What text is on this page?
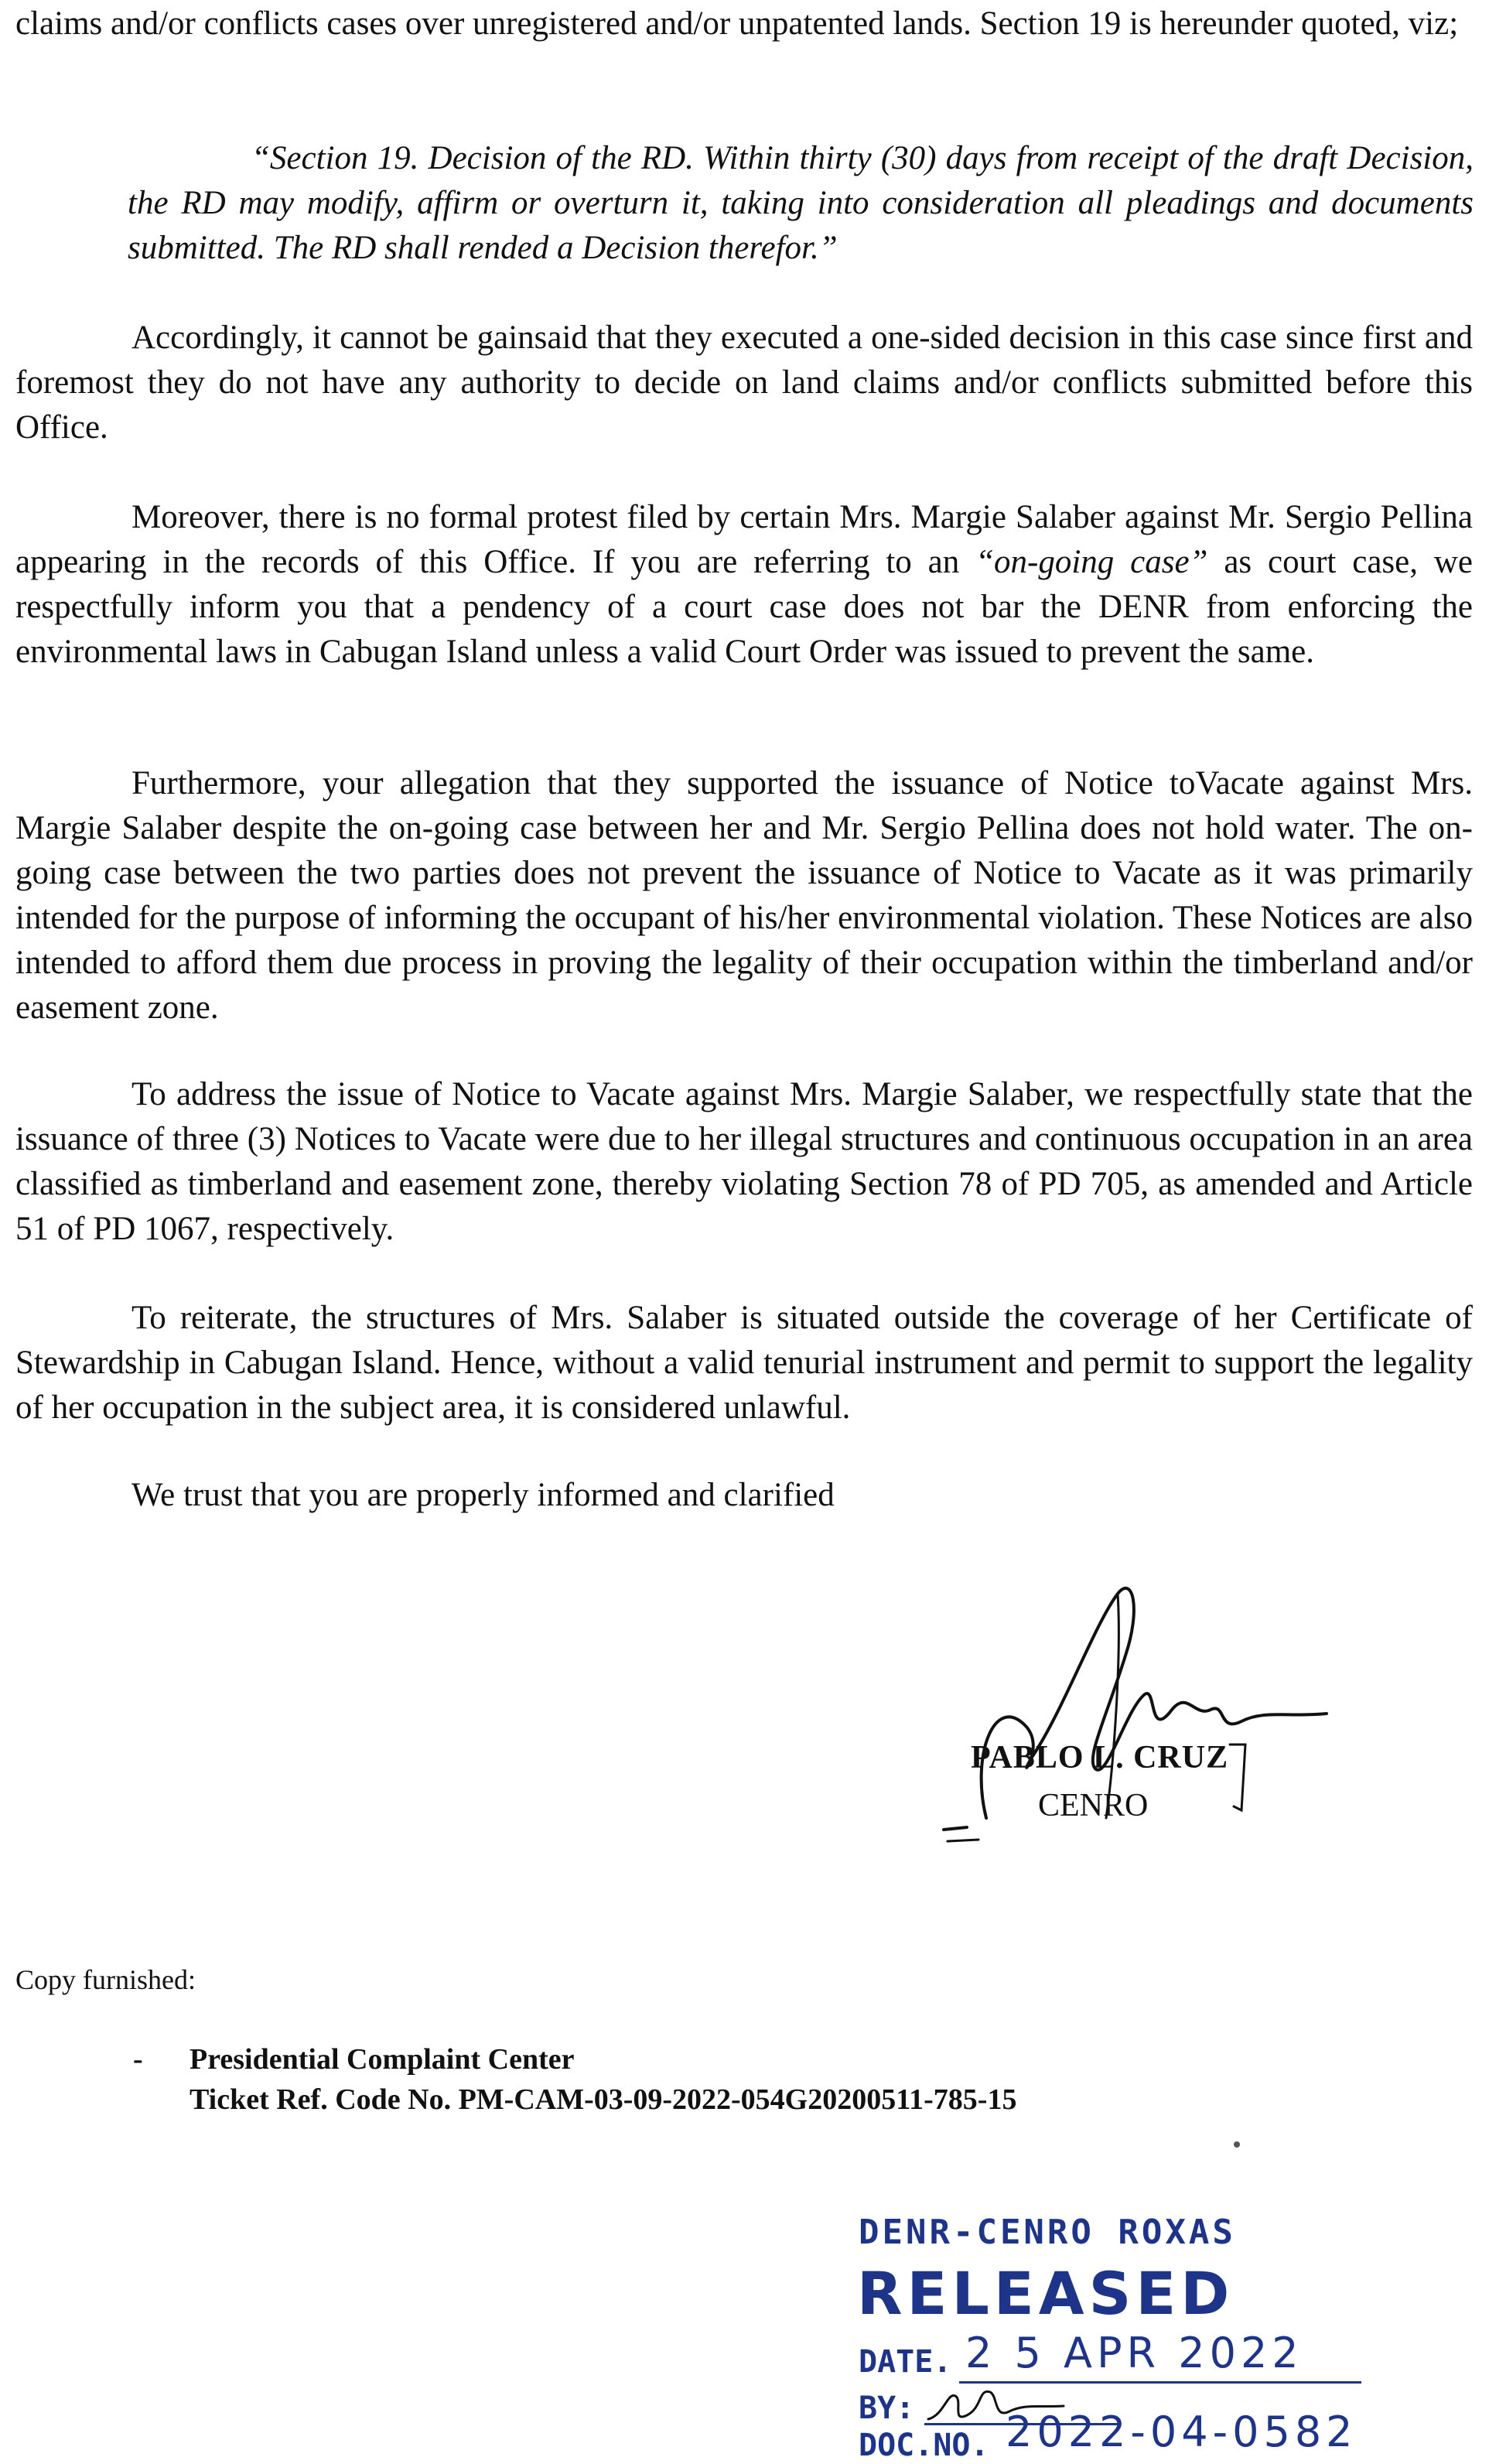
claims and/or conflicts cases over unregistered and/or unpatented lands. Section 19 is hereunder quoted, viz;

“Section 19. Decision of the RD. Within thirty (30) days from receipt of the draft Decision, the RD may modify, affirm or overturn it, taking into consideration all pleadings and documents submitted. The RD shall rended a Decision therefor.”

Accordingly, it cannot be gainsaid that they executed a one-sided decision in this case since first and foremost they do not have any authority to decide on land claims and/or conflicts submitted before this Office.

Moreover, there is no formal protest filed by certain Mrs. Margie Salaber against Mr. Sergio Pellina appearing in the records of this Office. If you are referring to an “on-going case” as court case, we respectfully inform you that a pendency of a court case does not bar the DENR from enforcing the environmental laws in Cabugan Island unless a valid Court Order was issued to prevent the same.

Furthermore, your allegation that they supported the issuance of Notice toVacate against Mrs. Margie Salaber despite the on-going case between her and Mr. Sergio Pellina does not hold water. The on-going case between the two parties does not prevent the issuance of Notice to Vacate as it was primarily intended for the purpose of informing the occupant of his/her environmental violation. These Notices are also intended to afford them due process in proving the legality of their occupation within the timberland and/or easement zone.

To address the issue of Notice to Vacate against Mrs. Margie Salaber, we respectfully state that the issuance of three (3) Notices to Vacate were due to her illegal structures and continuous occupation in an area classified as timberland and easement zone, thereby violating Section 78 of PD 705, as amended and Article 51 of PD 1067, respectively.

To reiterate, the structures of Mrs. Salaber is situated outside the coverage of her Certificate of Stewardship in Cabugan Island. Hence, without a valid tenurial instrument and permit to support the legality of her occupation in the subject area, it is considered unlawful.

We trust that you are properly informed and clarified

PABLO L. CRUZ

CENRO

Copy furnished:

- Presidential Complaint Center

Ticket Ref. Code No. PM-CAM-03-09-2022-054G20200511-785-15

DENR-CENRO ROXAS

RELEASED

DATE. 2 5 APR 2022

BY:

DOC.NO. 2022-04-0582
